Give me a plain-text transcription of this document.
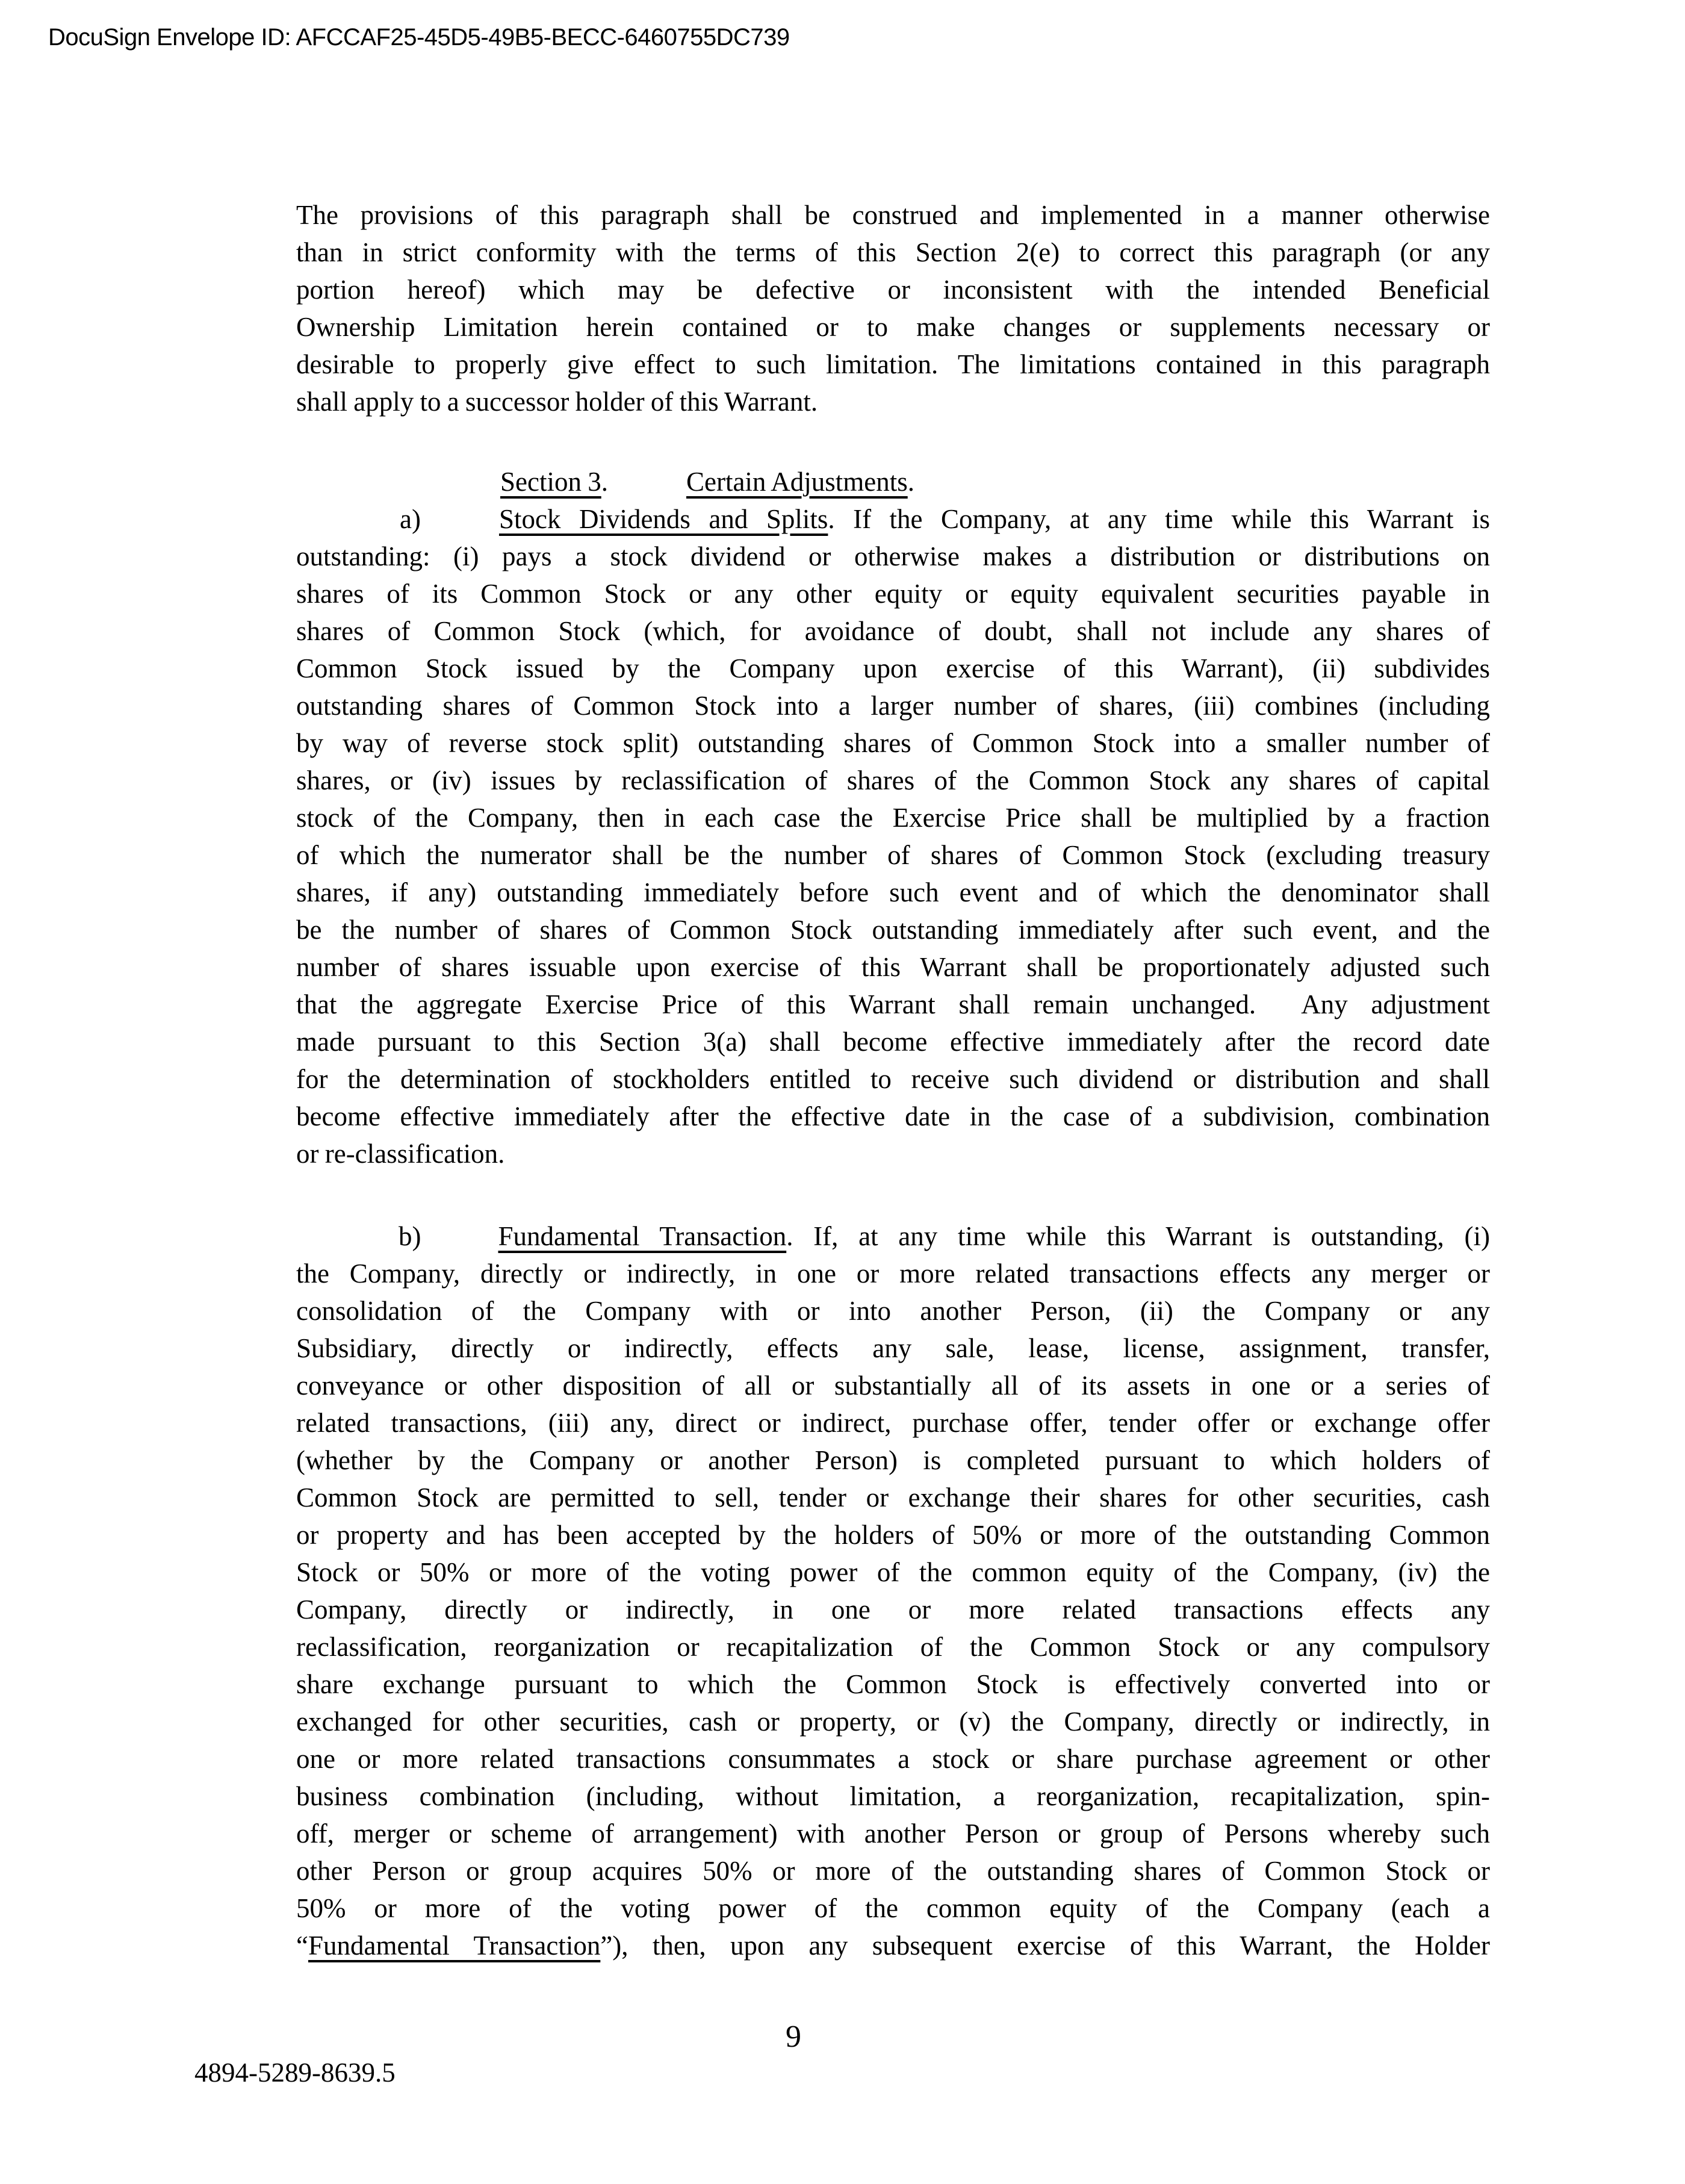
DocuSign Envelope ID: AFCCAF25-45D5-49B5-BECC-6460755DC739
The provisions of this paragraph shall be construed and implemented in a manner otherwise
than in strict conformity with the terms of this Section 2(e) to correct this paragraph (or any
portion hereof) which may be defective or inconsistent with the intended Beneficial
Ownership Limitation herein contained or to make changes or supplements necessary or
desirable to properly give effect to such limitation. The limitations contained in this paragraph
shall apply to a successor holder of this Warrant.
Section 3.	Certain Adjustments.
a)	Stock Dividends and Splits. If the Company, at any time while this Warrant is
outstanding: (i) pays a stock dividend or otherwise makes a distribution or distributions on
shares of its Common Stock or any other equity or equity equivalent securities payable in
shares of Common Stock (which, for avoidance of doubt, shall not include any shares of
Common Stock issued by the Company upon exercise of this Warrant), (ii) subdivides
outstanding shares of Common Stock into a larger number of shares, (iii) combines (including
by way of reverse stock split) outstanding shares of Common Stock into a smaller number of
shares, or (iv) issues by reclassification of shares of the Common Stock any shares of capital
stock of the Company, then in each case the Exercise Price shall be multiplied by a fraction
of which the numerator shall be the number of shares of Common Stock (excluding treasury
shares, if any) outstanding immediately before such event and of which the denominator shall
be the number of shares of Common Stock outstanding immediately after such event, and the
number of shares issuable upon exercise of this Warrant shall be proportionately adjusted such
that the aggregate Exercise Price of this Warrant shall remain unchanged.  Any adjustment
made pursuant to this Section 3(a) shall become effective immediately after the record date
for the determination of stockholders entitled to receive such dividend or distribution and shall
become effective immediately after the effective date in the case of a subdivision, combination
or re-classification.
b)	Fundamental Transaction. If, at any time while this Warrant is outstanding, (i)
the Company, directly or indirectly, in one or more related transactions effects any merger or
consolidation of the Company with or into another Person, (ii) the Company or any
Subsidiary, directly or indirectly, effects any sale, lease, license, assignment, transfer,
conveyance or other disposition of all or substantially all of its assets in one or a series of
related transactions, (iii) any, direct or indirect, purchase offer, tender offer or exchange offer
(whether by the Company or another Person) is completed pursuant to which holders of
Common Stock are permitted to sell, tender or exchange their shares for other securities, cash
or property and has been accepted by the holders of 50% or more of the outstanding Common
Stock or 50% or more of the voting power of the common equity of the Company, (iv) the
Company, directly or indirectly, in one or more related transactions effects any
reclassification, reorganization or recapitalization of the Common Stock or any compulsory
share exchange pursuant to which the Common Stock is effectively converted into or
exchanged for other securities, cash or property, or (v) the Company, directly or indirectly, in
one or more related transactions consummates a stock or share purchase agreement or other
business combination (including, without limitation, a reorganization, recapitalization, spin-
off, merger or scheme of arrangement) with another Person or group of Persons whereby such
other Person or group acquires 50% or more of the outstanding shares of Common Stock or
50% or more of the voting power of the common equity of the Company (each a
“Fundamental Transaction”), then, upon any subsequent exercise of this Warrant, the Holder
9
4894-5289-8639.5
